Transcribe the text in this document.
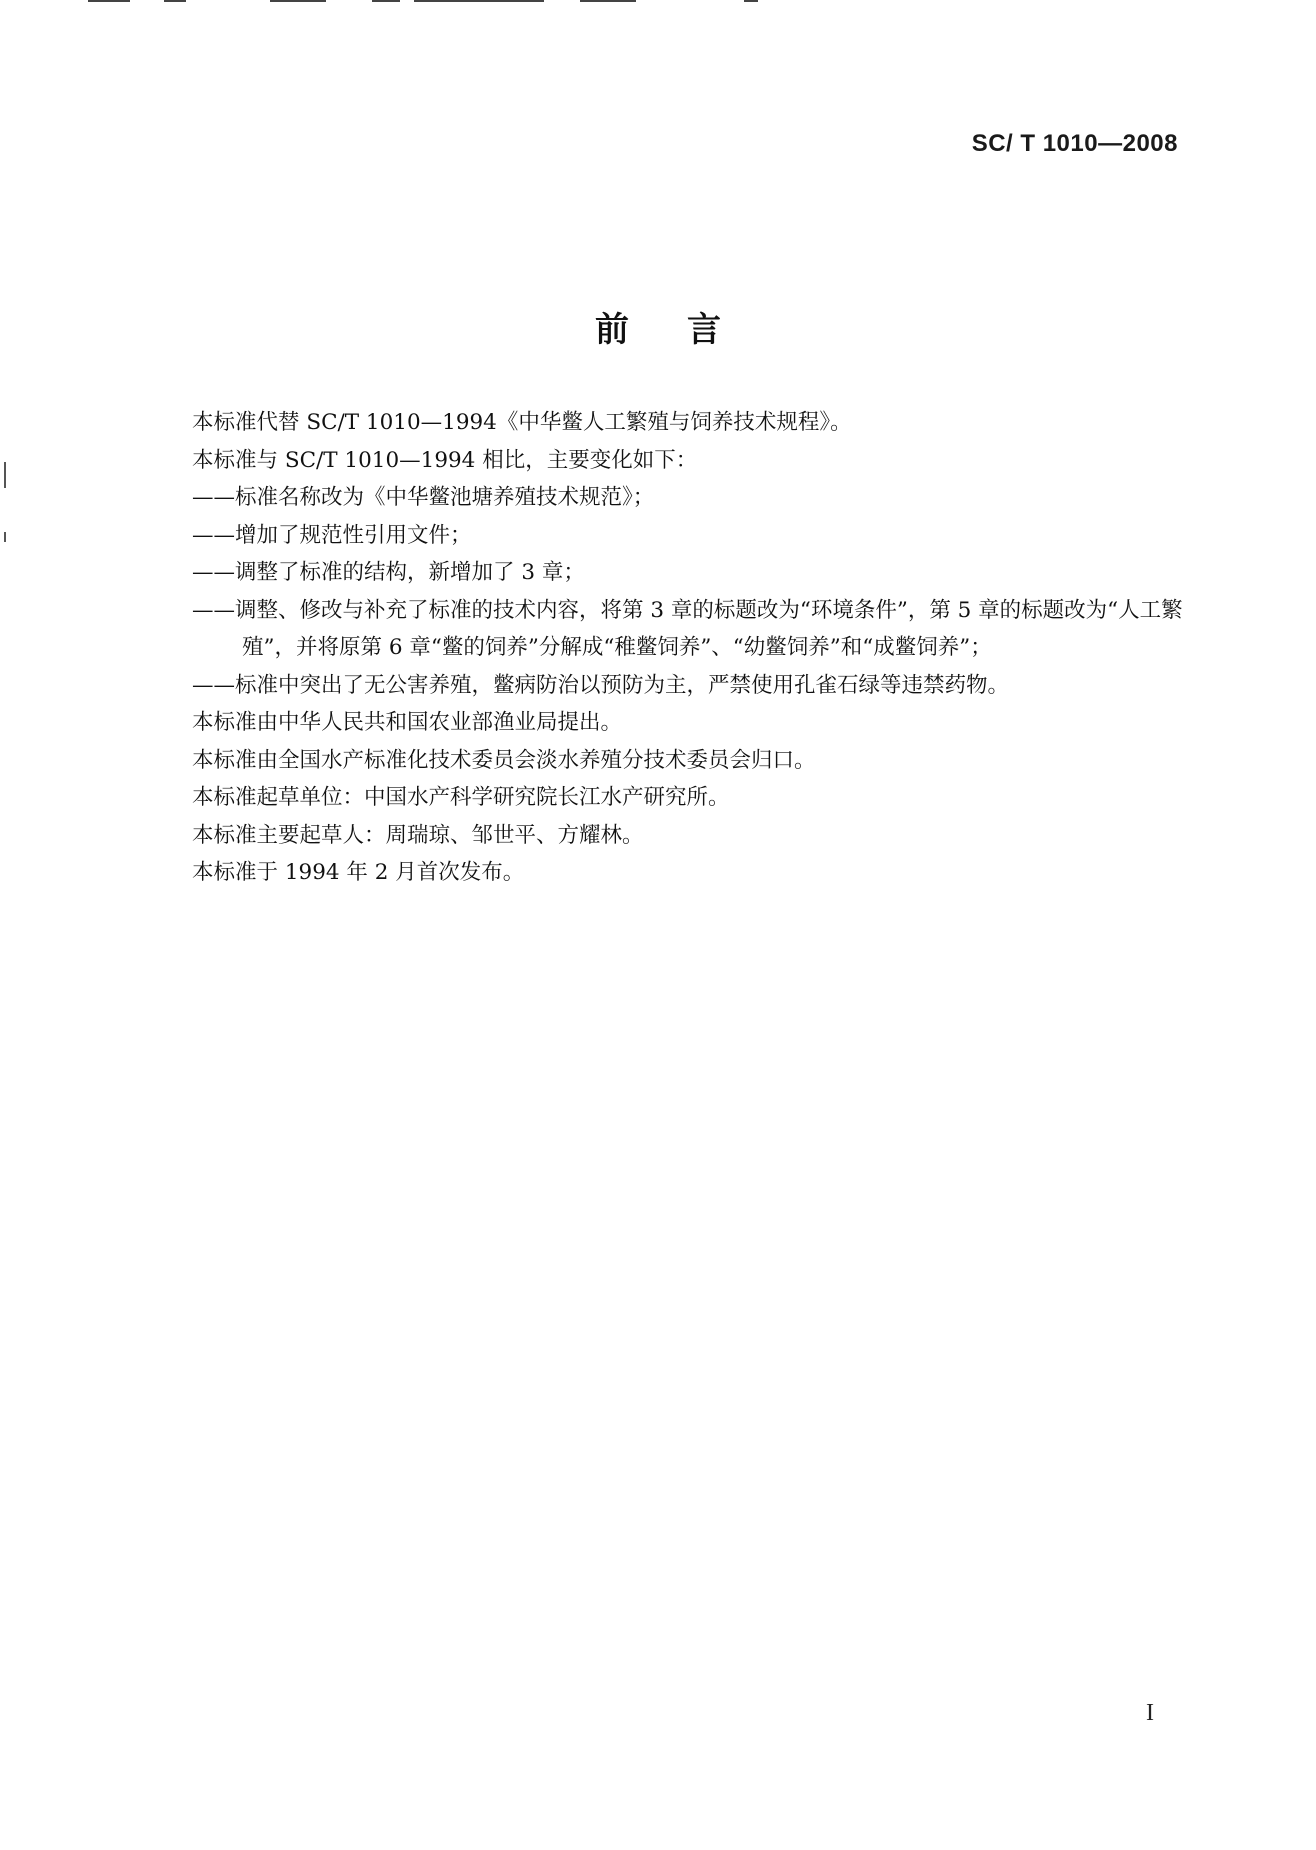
SC/ T 1010—2008
前言

本标准代替 SC/T 1010—1994《中华鳖人工繁殖与饲养技术规程》。

本标准与 SC/T 1010—1994 相比，主要变化如下：

——标准名称改为《中华鳖池塘养殖技术规范》；

——增加了规范性引用文件；

——调整了标准的结构，新增加了 3 章；

——调整、修改与补充了标准的技术内容，将第 3 章的标题改为“环境条件”，第 5 章的标题改为“人工繁殖”，并将原第 6 章“鳖的饲养”分解成“稚鳖饲养”、“幼鳖饲养”和“成鳖饲养”；

——标准中突出了无公害养殖，鳖病防治以预防为主，严禁使用孔雀石绿等违禁药物。

本标准由中华人民共和国农业部渔业局提出。

本标准由全国水产标准化技术委员会淡水养殖分技术委员会归口。

本标准起草单位：中国水产科学研究院长江水产研究所。

本标准主要起草人：周瑞琼、邹世平、方耀林。

本标准于 1994 年 2 月首次发布。

I
